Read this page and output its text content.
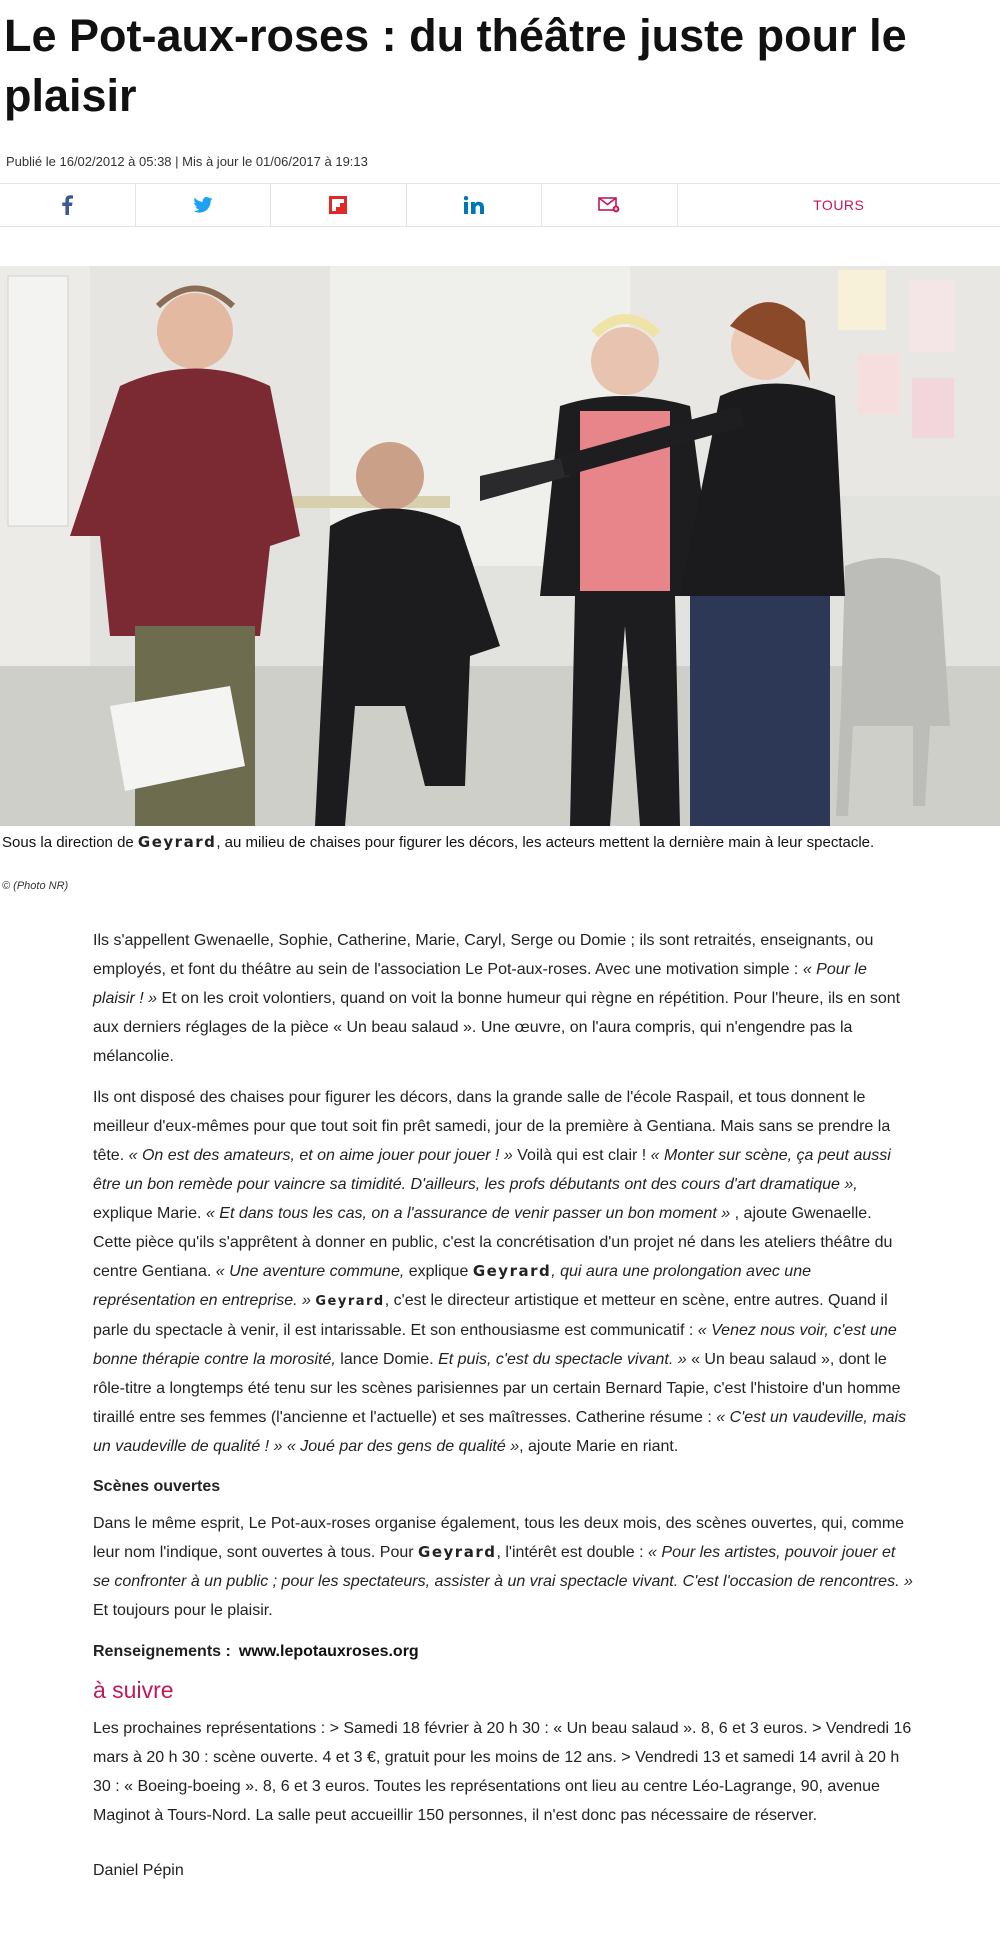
Le Pot-aux-roses : du théâtre juste pour le plaisir
Publié le 16/02/2012 à 05:38 | Mis à jour le 01/06/2017 à 19:13
TOURS
Sous la direction de Geyrard, au milieu de chaises pour figurer les décors, les acteurs mettent la dernière main à leur spectacle.
© (Photo NR)

Ils s'appellent Gwenaelle, Sophie, Catherine, Marie, Caryl, Serge ou Domie ; ils sont retraités, enseignants, ou employés, et font du théâtre au sein de l'association Le Pot-aux-roses. Avec une motivation simple : « Pour le plaisir ! » Et on les croit volontiers, quand on voit la bonne humeur qui règne en répétition. Pour l'heure, ils en sont aux derniers réglages de la pièce « Un beau salaud ». Une œuvre, on l'aura compris, qui n'engendre pas la mélancolie.

Ils ont disposé des chaises pour figurer les décors, dans la grande salle de l'école Raspail, et tous donnent le meilleur d'eux-mêmes pour que tout soit fin prêt samedi, jour de la première à Gentiana. Mais sans se prendre la tête. « On est des amateurs, et on aime jouer pour jouer ! » Voilà qui est clair ! « Monter sur scène, ça peut aussi être un bon remède pour vaincre sa timidité. D'ailleurs, les profs débutants ont des cours d'art dramatique », explique Marie. « Et dans tous les cas, on a l'assurance de venir passer un bon moment » , ajoute Gwenaelle. Cette pièce qu'ils s'apprêtent à donner en public, c'est la concrétisation d'un projet né dans les ateliers théâtre du centre Gentiana. « Une aventure commune, explique Geyrard, qui aura une prolongation avec une représentation en entreprise. » Geyrard, c'est le directeur artistique et metteur en scène, entre autres. Quand il parle du spectacle à venir, il est intarissable. Et son enthousiasme est communicatif : « Venez nous voir, c'est une bonne thérapie contre la morosité, lance Domie. Et puis, c'est du spectacle vivant. » « Un beau salaud », dont le rôle-titre a longtemps été tenu sur les scènes parisiennes par un certain Bernard Tapie, c'est l'histoire d'un homme tiraillé entre ses femmes (l'ancienne et l'actuelle) et ses maîtresses. Catherine résume : « C'est un vaudeville, mais un vaudeville de qualité ! » « Joué par des gens de qualité », ajoute Marie en riant.

Scènes ouvertes

Dans le même esprit, Le Pot-aux-roses organise également, tous les deux mois, des scènes ouvertes, qui, comme leur nom l'indique, sont ouvertes à tous. Pour Geyrard, l'intérêt est double : « Pour les artistes, pouvoir jouer et se confronter à un public ; pour les spectateurs, assister à un vrai spectacle vivant. C'est l'occasion de rencontres. » Et toujours pour le plaisir.

Renseignements : www.lepotauxroses.org
à suivre

Les prochaines représentations : > Samedi 18 février à 20 h 30 : « Un beau salaud ». 8, 6 et 3 euros. > Vendredi 16 mars à 20 h 30 : scène ouverte. 4 et 3 €, gratuit pour les moins de 12 ans. > Vendredi 13 et samedi 14 avril à 20 h 30 : « Boeing-boeing ». 8, 6 et 3 euros. Toutes les représentations ont lieu au centre Léo-Lagrange, 90, avenue Maginot à Tours-Nord. La salle peut accueillir 150 personnes, il n'est donc pas nécessaire de réserver.

Daniel Pépin
